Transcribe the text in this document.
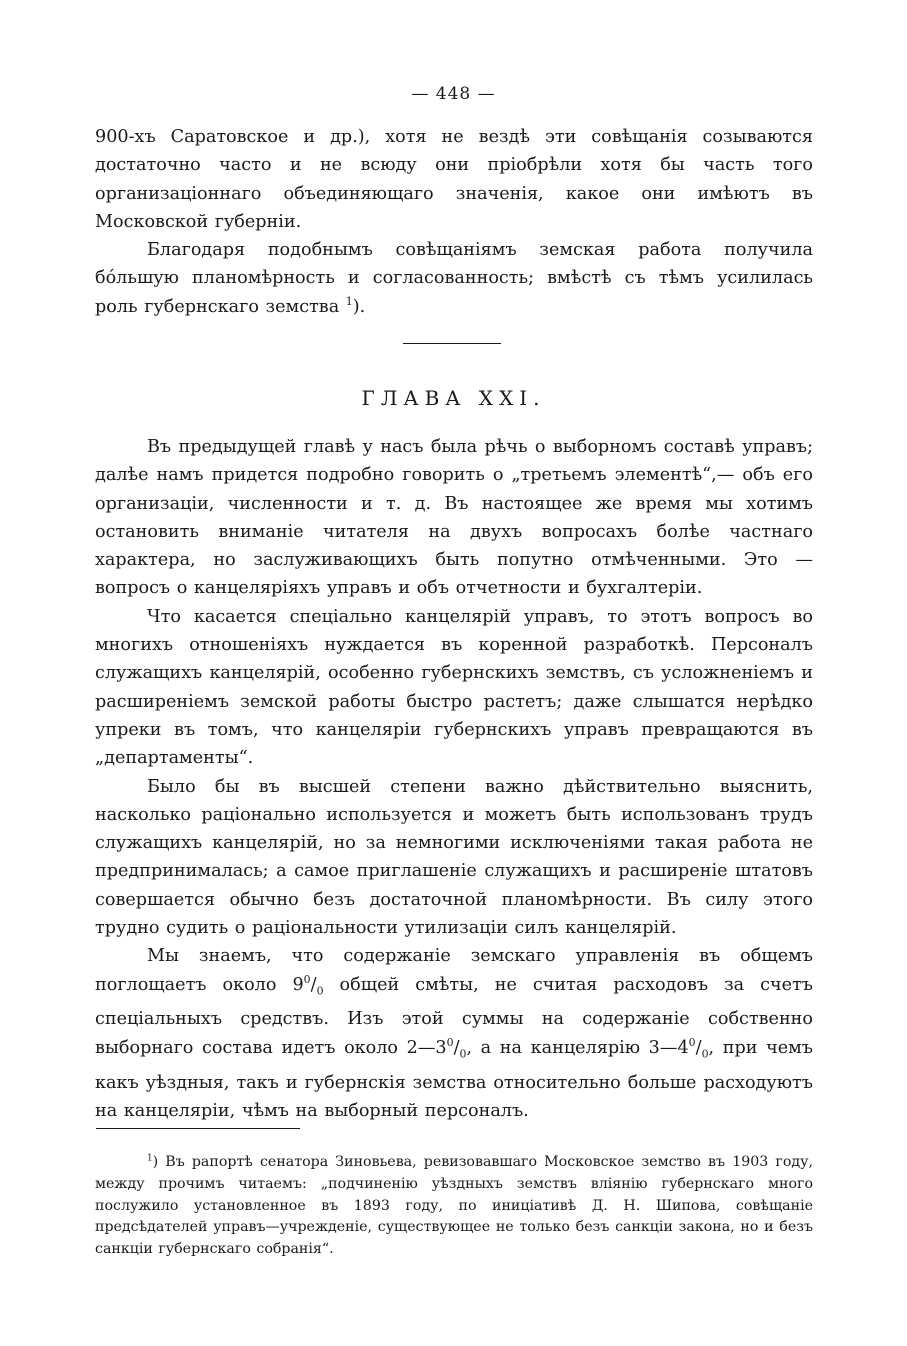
— 448 —

900-хъ Саратовское и др.), хотя не вездѣ эти совѣщанія созываются достаточно часто и не всюду они пріобрѣли хотя бы часть того организаціоннаго объединяющаго значенія, какое они имѣютъ въ Московской губерніи.

Благодаря подобнымъ совѣщаніямъ земская работа получила бóльшую планомѣрность и согласованность; вмѣстѣ съ тѣмъ усилилась роль губернскаго земства $^1$).

ГЛАВА XXI.

Въ предыдущей главѣ у насъ была рѣчь о выборномъ составѣ управъ; далѣе намъ придется подробно говорить о „третьемъ элементѣ“,— объ его организаціи, численности и т. д. Въ настоящее же время мы хотимъ остановить вниманіе читателя на двухъ вопросахъ болѣе частнаго характера, но заслуживающихъ быть попутно отмѣченными. Это — вопросъ о канцеляріяхъ управъ и объ отчетности и бухгалтеріи.

Что касается спеціально канцелярій управъ, то этотъ вопросъ во многихъ отношеніяхъ нуждается въ коренной разработкѣ. Персоналъ служащихъ канцелярій, особенно губернскихъ земствъ, съ усложненіемъ и расширеніемъ земской работы быстро растетъ; даже слышатся нерѣдко упреки въ томъ, что канцеляріи губернскихъ управъ превращаются въ „департаменты“.

Было бы въ высшей степени важно дѣйствительно выяснить, насколько раціонально используется и можетъ быть использованъ трудъ служащихъ канцелярій, но за немногими исключеніями такая работа не предпринималась; а самое приглашеніе служащихъ и расширеніе штатовъ совершается обычно безъ достаточной планомѣрности. Въ силу этого трудно судить о раціональности утилизаціи силъ канцелярій.

Мы знаемъ, что содержаніе земскаго управленія въ общемъ поглощаетъ около $9^0/_0$ общей смѣты, не считая расходовъ за счетъ спеціальныхъ средствъ. Изъ этой суммы на содержаніе собственно выборнаго состава идетъ около $2—3^0/_0$, а на канцелярію $3—4^0/_0$, при чемъ какъ уѣздныя, такъ и губернскія земства относительно больше расходуютъ на канцеляріи, чѣмъ на выборный персоналъ.

$^1$) Въ рапортѣ сенатора Зиновьева, ревизовавшаго Московское земство въ 1903 году, между прочимъ читаемъ: „подчиненію уѣздныхъ земствъ вліянію губернскаго много послужило установленное въ 1893 году, по иниціативѣ Д. Н. Шипова, совѣщаніе предсѣдателей управъ—учрежденіе, существующее не только безъ санкціи закона, но и безъ санкціи губернскаго собранія“.
